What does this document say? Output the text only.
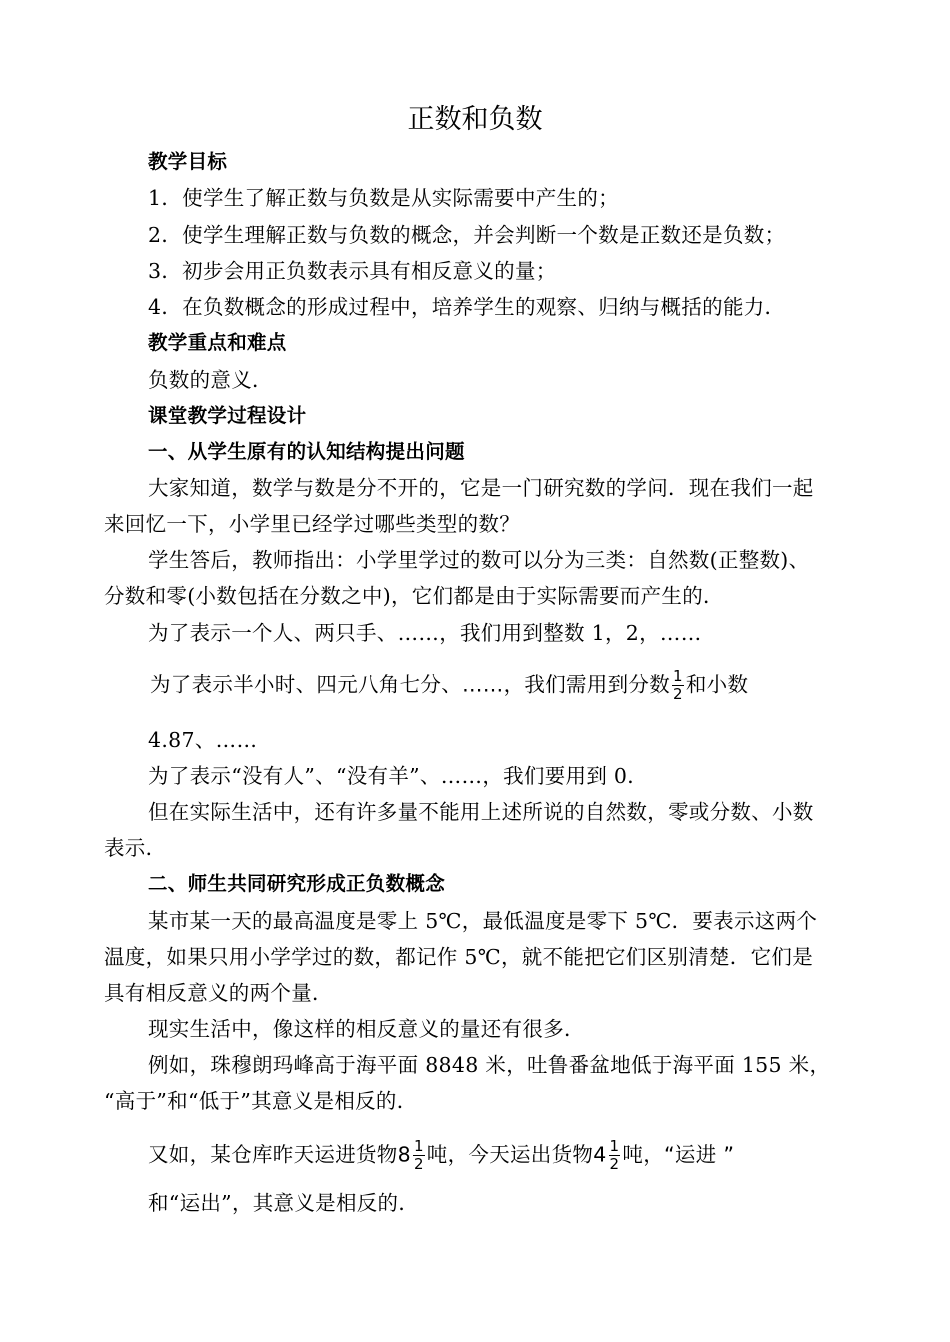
正数和负数
教学目标
1．使学生了解正数与负数是从实际需要中产生的；
2．使学生理解正数与负数的概念，并会判断一个数是正数还是负数；
3．初步会用正负数表示具有相反意义的量；
4．在负数概念的形成过程中，培养学生的观察、归纳与概括的能力．
教学重点和难点
负数的意义．
课堂教学过程设计
一、从学生原有的认知结构提出问题
大家知道，数学与数是分不开的，它是一门研究数的学问．现在我们一起
来回忆一下，小学里已经学过哪些类型的数？
学生答后，教师指出：小学里学过的数可以分为三类：自然数(正整数)、
分数和零(小数包括在分数之中)，它们都是由于实际需要而产生的．
为了表示一个人、两只手、……，我们用到整数 1，2，……
为了表示半小时、四元八角七分、……，我们需用到分数 $\frac{1}{2}$ 和小数
4.87、……
为了表示“没有人”、“没有羊”、……，我们要用到 0．
但在实际生活中，还有许多量不能用上述所说的自然数，零或分数、小数
表示．
二、师生共同研究形成正负数概念
某市某一天的最高温度是零上 5℃，最低温度是零下 5℃．要表示这两个
温度，如果只用小学学过的数，都记作 5℃，就不能把它们区别清楚．它们是
具有相反意义的两个量．
现实生活中，像这样的相反意义的量还有很多．
例如，珠穆朗玛峰高于海平面 8848 米，吐鲁番盆地低于海平面 155 米，
“高于”和“低于”其意义是相反的．
又如，某仓库昨天运进货物$8 \frac{1}{2}$ 吨，今天运出货物$4 \frac{1}{2}$ 吨，“运进 ”
和“运出”，其意义是相反的．
